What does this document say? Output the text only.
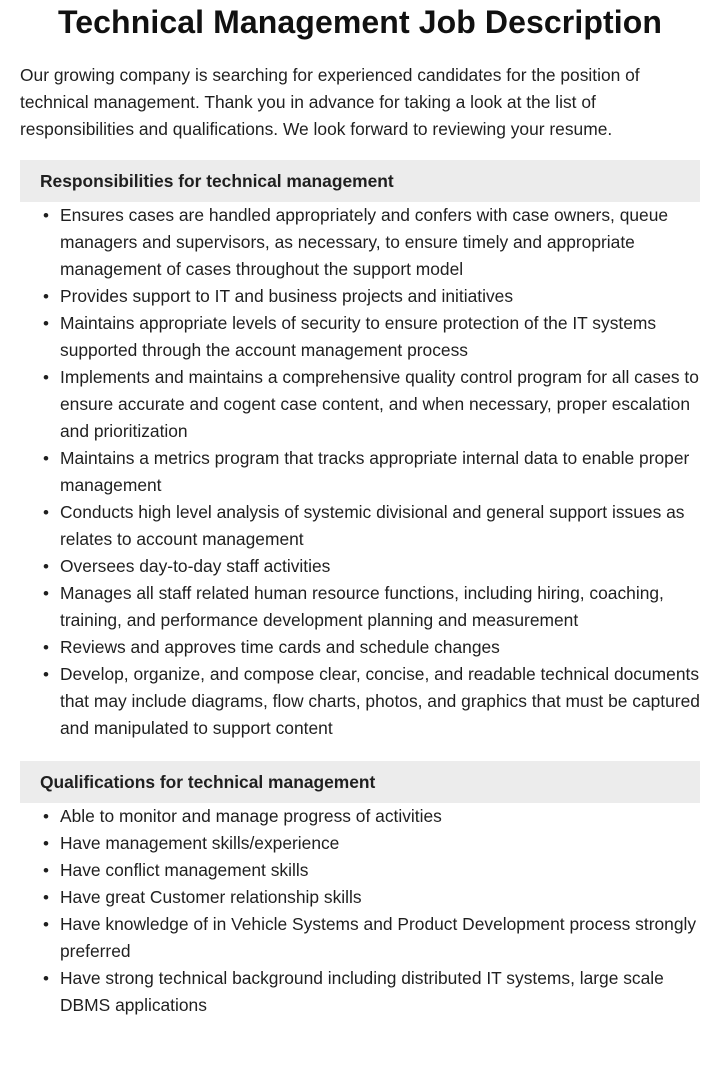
Technical Management Job Description

Our growing company is searching for experienced candidates for the position of technical management. Thank you in advance for taking a look at the list of responsibilities and qualifications. We look forward to reviewing your resume.

Responsibilities for technical management
• Ensures cases are handled appropriately and confers with case owners, queue managers and supervisors, as necessary, to ensure timely and appropriate management of cases throughout the support model
• Provides support to IT and business projects and initiatives
• Maintains appropriate levels of security to ensure protection of the IT systems supported through the account management process
• Implements and maintains a comprehensive quality control program for all cases to ensure accurate and cogent case content, and when necessary, proper escalation and prioritization
• Maintains a metrics program that tracks appropriate internal data to enable proper management
• Conducts high level analysis of systemic divisional and general support issues as relates to account management
• Oversees day-to-day staff activities
• Manages all staff related human resource functions, including hiring, coaching, training, and performance development planning and measurement
• Reviews and approves time cards and schedule changes
• Develop, organize, and compose clear, concise, and readable technical documents that may include diagrams, flow charts, photos, and graphics that must be captured and manipulated to support content
Qualifications for technical management
• Able to monitor and manage progress of activities
• Have management skills/experience
• Have conflict management skills
• Have great Customer relationship skills
• Have knowledge of in Vehicle Systems and Product Development process strongly preferred
• Have strong technical background including distributed IT systems, large scale DBMS applications
